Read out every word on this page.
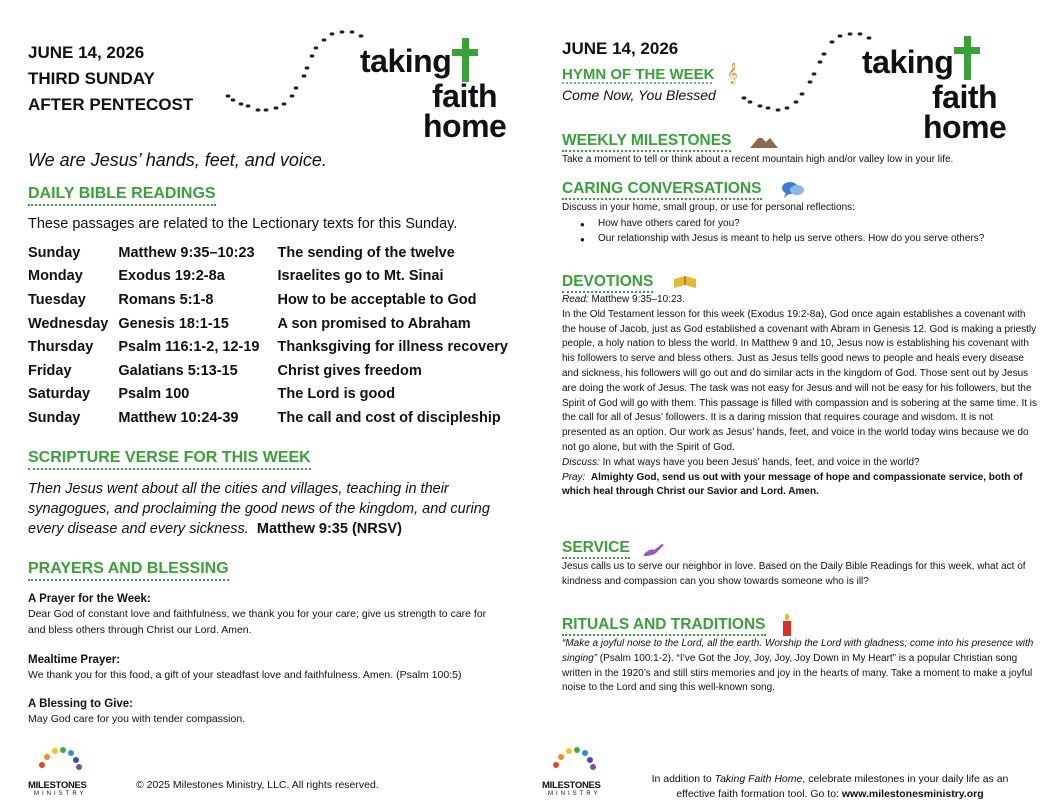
JUNE 14, 2026
THIRD SUNDAY
AFTER PENTECOST
taking
faith
home
We are Jesus’ hands, feet, and voice.
DAILY BIBLE READINGS
These passages are related to the Lectionary texts for this Sunday.
Sunday	Matthew 9:35–10:23	The sending of the twelve
Monday	Exodus 19:2-8a	Israelites go to Mt. Sinai
Tuesday	Romans 5:1-8	How to be acceptable to God
Wednesday	Genesis 18:1-15	A son promised to Abraham
Thursday	Psalm 116:1-2, 12-19	Thanksgiving for illness recovery
Friday	Galatians 5:13-15	Christ gives freedom
Saturday	Psalm 100	The Lord is good
Sunday	Matthew 10:24-39	The call and cost of discipleship
SCRIPTURE VERSE FOR THIS WEEK
Then Jesus went about all the cities and villages, teaching in their synagogues, and proclaiming the good news of the kingdom, and curing every disease and every sickness. Matthew 9:35 (NRSV)
PRAYERS AND BLESSING
A Prayer for the Week:
Dear God of constant love and faithfulness, we thank you for your care; give us strength to care for and bless others through Christ our Lord. Amen.
Mealtime Prayer:
We thank you for this food, a gift of your steadfast love and faithfulness. Amen. (Psalm 100:5)
A Blessing to Give:
May God care for you with tender compassion.
MILESTONES
MINISTRY
© 2025 Milestones Ministry, LLC. All rights reserved.
JUNE 14, 2026
HYMN OF THE WEEK 𝄞
Come Now, You Blessed
taking
faith
home
WEEKLY MILESTONES
Take a moment to tell or think about a recent mountain high and/or valley low in your life.
CARING CONVERSATIONS
Discuss in your home, small group, or use for personal reflections:
● How have others cared for you?
● Our relationship with Jesus is meant to help us serve others. How do you serve others?
DEVOTIONS
Read: Matthew 9:35–10:23.
In the Old Testament lesson for this week (Exodus 19:2-8a), God once again establishes a covenant with the house of Jacob, just as God established a covenant with Abram in Genesis 12. God is making a priestly people, a holy nation to bless the world. In Matthew 9 and 10, Jesus now is establishing his covenant with his followers to serve and bless others. Just as Jesus tells good news to people and heals every disease and sickness, his followers will go out and do similar acts in the kingdom of God. Those sent out by Jesus are doing the work of Jesus. The task was not easy for Jesus and will not be easy for his followers, but the Spirit of God will go with them. This passage is filled with compassion and is sobering at the same time. It is the call for all of Jesus’ followers. It is a daring mission that requires courage and wisdom. It is not presented as an option. Our work as Jesus’ hands, feet, and voice in the world today wins because we do not go alone, but with the Spirit of God.
Discuss: In what ways have you been Jesus’ hands, feet, and voice in the world?
Pray: Almighty God, send us out with your message of hope and compassionate service, both of which heal through Christ our Savior and Lord. Amen.
SERVICE
Jesus calls us to serve our neighbor in love. Based on the Daily Bible Readings for this week, what act of kindness and compassion can you show towards someone who is ill?
RITUALS AND TRADITIONS
“Make a joyful noise to the Lord, all the earth. Worship the Lord with gladness; come into his presence with singing” (Psalm 100:1-2). “I’ve Got the Joy, Joy, Joy, Joy Down in My Heart” is a popular Christian song written in the 1920’s and still stirs memories and joy in the hearts of many. Take a moment to make a joyful noise to the Lord and sing this well-known song.
MILESTONES
MINISTRY
In addition to Taking Faith Home, celebrate milestones in your daily life as an
effective faith formation tool. Go to: www.milestonesministry.org
